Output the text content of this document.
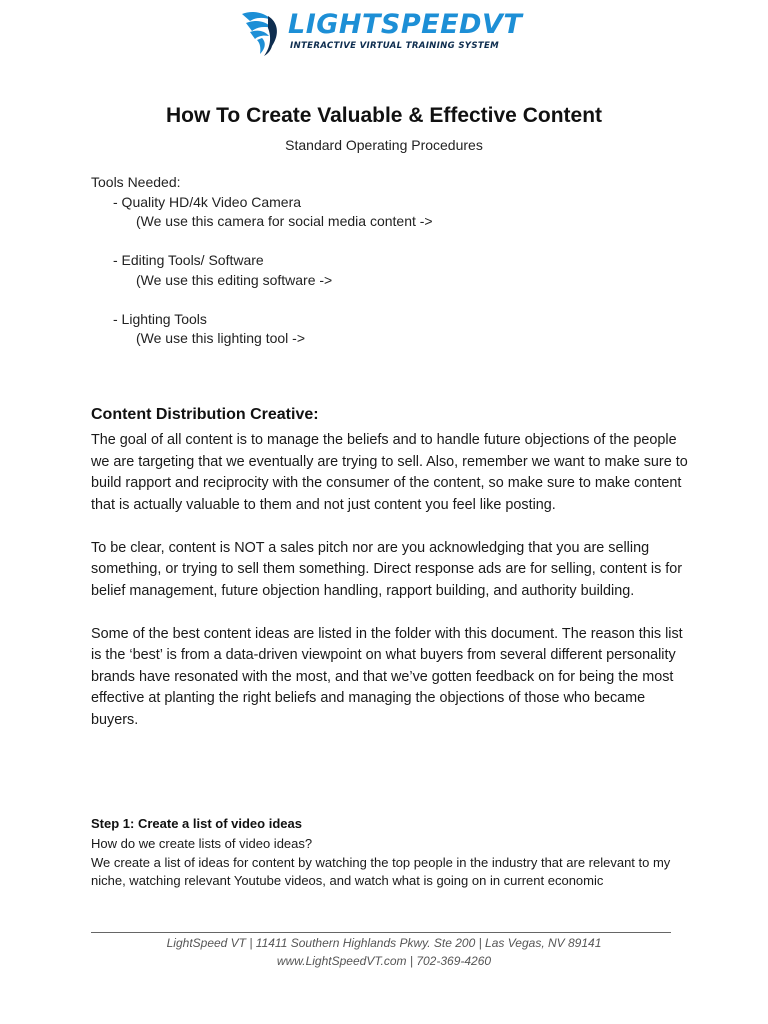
LIGHTSPEEDVT
INTERACTIVE VIRTUAL TRAINING SYSTEM
How To Create Valuable & Effective Content
Standard Operating Procedures
Tools Needed:
- Quality HD/4k Video Camera
(We use this camera for social media content ->
- Editing Tools/ Software
(We use this editing software ->
- Lighting Tools
(We use this lighting tool ->
Content Distribution Creative:

The goal of all content is to manage the beliefs and to handle future objections of the people we are targeting that we eventually are trying to sell. Also, remember we want to make sure to build rapport and reciprocity with the consumer of the content, so make sure to make content that is actually valuable to them and not just content you feel like posting.

To be clear, content is NOT a sales pitch nor are you acknowledging that you are selling something, or trying to sell them something. Direct response ads are for selling, content is for belief management, future objection handling, rapport building, and authority building.

Some of the best content ideas are listed in the folder with this document. The reason this list is the ‘best’ is from a data-driven viewpoint on what buyers from several different personality brands have resonated with the most, and that we’ve gotten feedback on for being the most effective at planting the right beliefs and managing the objections of those who became buyers.

Step 1: Create a list of video ideas

How do we create lists of video ideas?

We create a list of ideas for content by watching the top people in the industry that are relevant to my niche, watching relevant Youtube videos, and watch what is going on in current economic

LightSpeed VT | 11411 Southern Highlands Pkwy. Ste 200 | Las Vegas, NV 89141
www.LightSpeedVT.com | 702-369-4260
